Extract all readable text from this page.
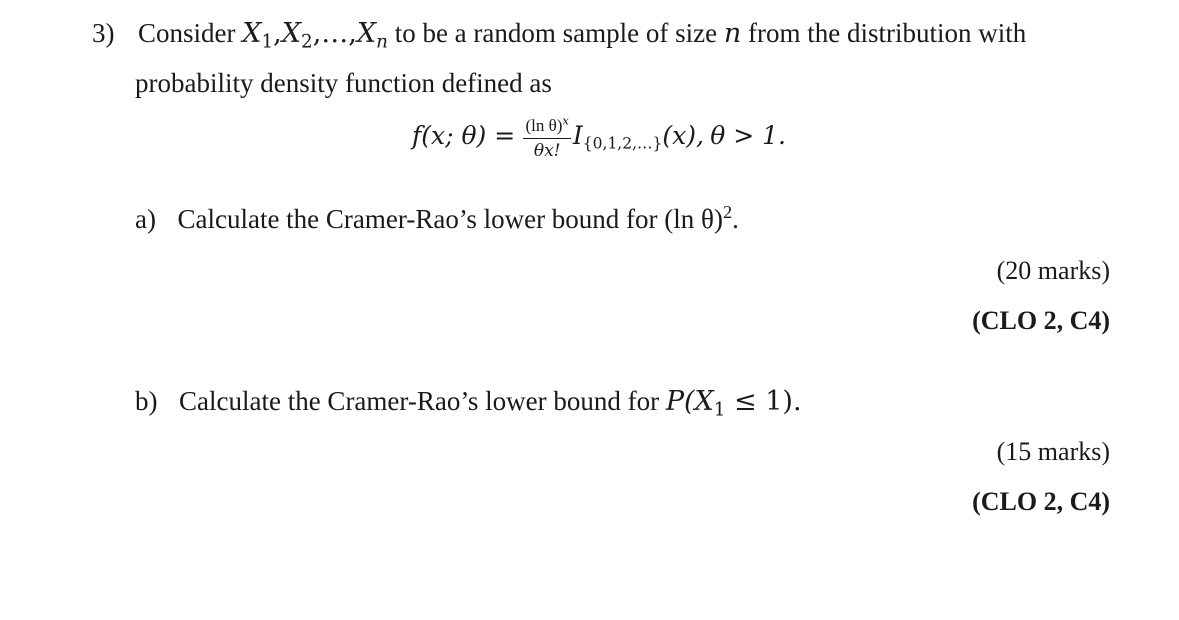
3) Consider $X_1,X_2,\dots,X_n$ to be a random sample of size n from the distribution with
probability density function defined as
f(x; $\theta) = \frac{(\ln \theta)^x}{\theta x!} I_{\{0,1,2,\dots\}}(x)$, θ > 1.
a) Calculate the Cramer-Rao’s lower bound for (ln θ)$^2$.
(20 marks)
(CLO 2, C4)
b) Calculate the Cramer-Rao’s lower bound for $P(X_1 \le 1)$.
(15 marks)
(CLO 2, C4)
